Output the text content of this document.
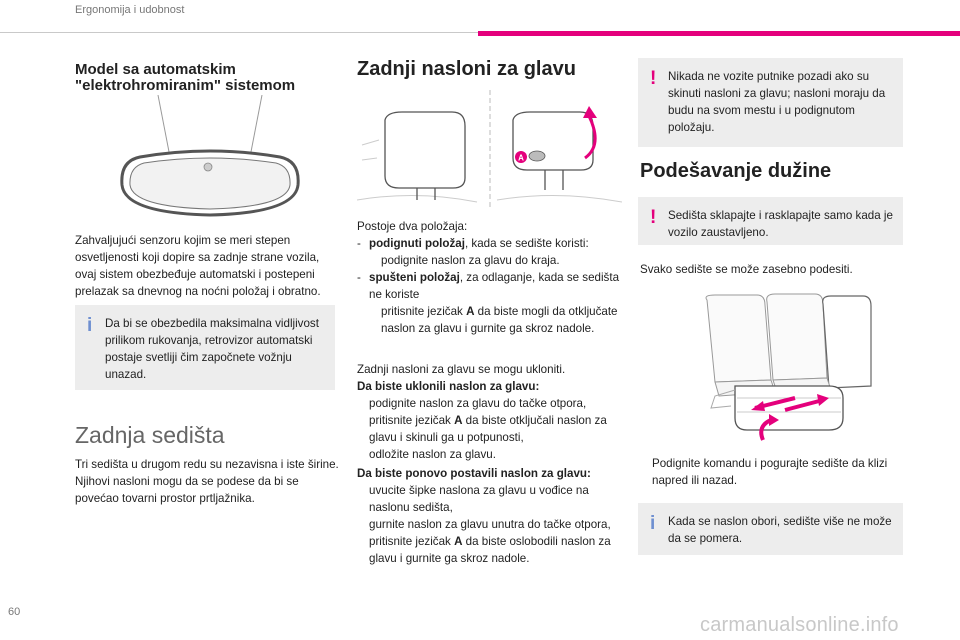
Ergonomija i udobnost
Model sa automatskim "elektrohromiranim" sistemom
Zahvaljujući senzoru kojim se meri stepen osvetljenosti koji dopire sa zadnje strane vozila, ovaj sistem obezbeđuje automatski i postepeni prelazak sa dnevnog na noćni položaj i obratno.
i Da bi se obezbedila maksimalna vidljivost prilikom rukovanja, retrovizor automatski postaje svetliji čim započnete vožnju unazad.
Zadnja sedišta
Tri sedišta u drugom redu su nezavisna i iste širine. Njihovi nasloni mogu da se podese da bi se povećao tovarni prostor prtljažnika.
Zadnji nasloni za glavu
A
Postoje dva položaja:
- podignuti položaj, kada se sedište koristi:
podignite naslon za glavu do kraja.
- spušteni položaj, za odlaganje, kada se sedišta ne koriste
pritisnite jezičak A da biste mogli da otključate naslon za glavu i gurnite ga skroz nadole.
Zadnji nasloni za glavu se mogu ukloniti.
Da biste uklonili naslon za glavu:
podignite naslon za glavu do tačke otpora,
pritisnite jezičak A da biste otključali naslon za glavu i skinuli ga u potpunosti,
odložite naslon za glavu.
Da biste ponovo postavili naslon za glavu:
uvucite šipke naslona za glavu u vođice na naslonu sedišta,
gurnite naslon za glavu unutra do tačke otpora,
pritisnite jezičak A da biste oslobodili naslon za glavu i gurnite ga skroz nadole.
! Nikada ne vozite putnike pozadi ako su skinuti nasloni za glavu; nasloni moraju da budu na svom mestu i u podignutom položaju.
Podešavanje dužine
! Sedišta sklapajte i rasklapajte samo kada je vozilo zaustavljeno.
Svako sedište se može zasebno podesiti.
Podignite komandu i pogurajte sedište da klizi napred ili nazad.
i Kada se naslon obori, sedište više ne može da se pomera.
60
carmanualsonline.info
